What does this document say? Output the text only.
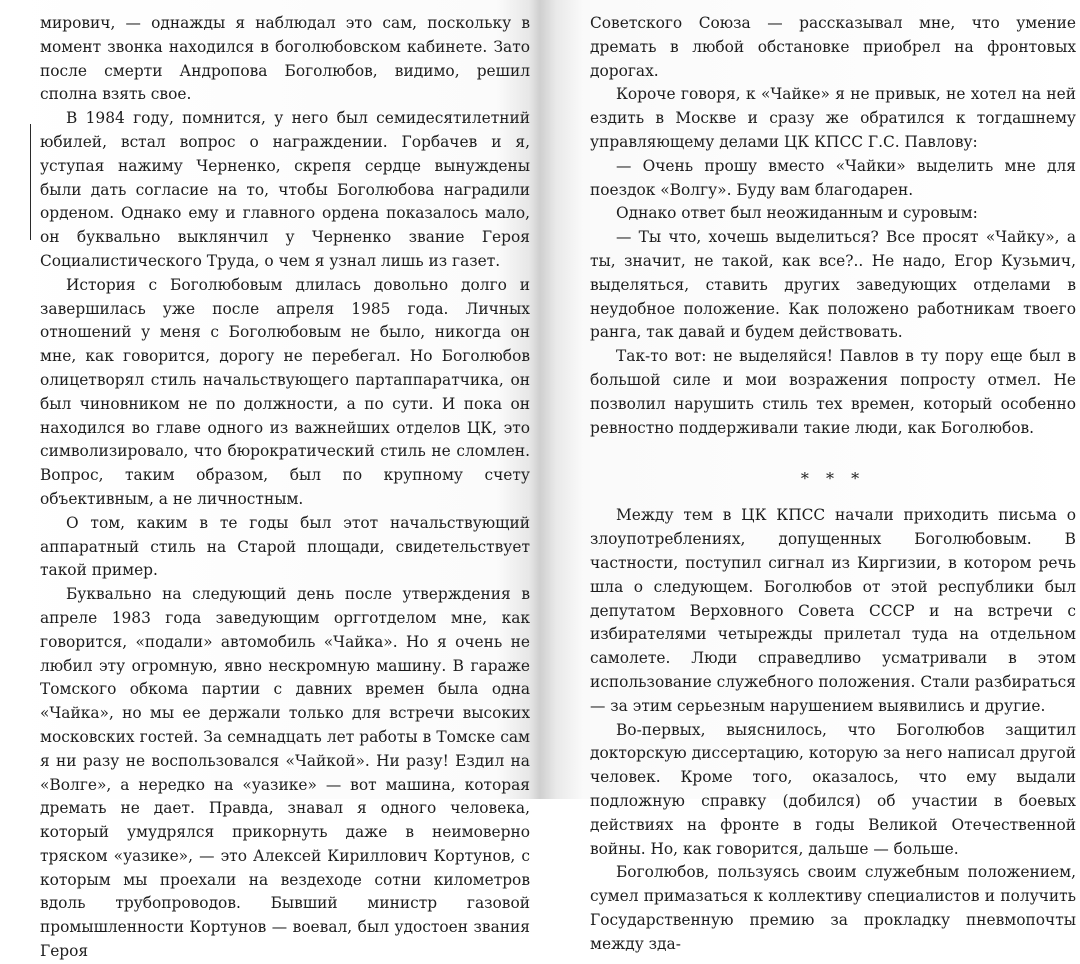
мирович, — однажды я наблюдал это сам, поскольку в момент звонка находился в боголюбовском кабинете. Зато после смерти Андропова Боголюбов, видимо, решил сполна взять свое.

В 1984 году, помнится, у него был семидесятилетний юбилей, встал вопрос о награждении. Горбачев и я, уступая нажиму Черненко, скрепя сердце вынуждены были дать согласие на то, чтобы Боголюбова наградили орденом. Однако ему и главного ордена показалось мало, он буквально выклянчил у Черненко звание Героя Социалистического Труда, о чем я узнал лишь из газет.

История с Боголюбовым длилась довольно долго и завершилась уже после апреля 1985 года. Личных отношений у меня с Боголюбовым не было, никогда он мне, как говорится, дорогу не перебегал. Но Боголюбов олицетворял стиль начальствующего партаппаратчика, он был чиновником не по должности, а по сути. И пока он находился во главе одного из важнейших отделов ЦК, это символизировало, что бюрократический стиль не сломлен. Вопрос, таким образом, был по крупному счету объективным, а не личностным.

О том, каким в те годы был этот начальствующий аппаратный стиль на Старой площади, свидетельствует такой пример.

Буквально на следующий день после утверждения в апреле 1983 года заведующим оргготделом мне, как говорится, «подали» автомобиль «Чайка». Но я очень не любил эту огромную, явно нескромную машину. В гараже Томского обкома партии с давних времен была одна «Чайка», но мы ее держали только для встречи высоких московских гостей. За семнадцать лет работы в Томске сам я ни разу не воспользовался «Чайкой». Ни разу! Ездил на «Волге», а нередко на «уазике» — вот машина, которая дремать не дает. Правда, знавал я одного человека, который умудрялся прикорнуть даже в неимоверно тряском «уазике», — это Алексей Кириллович Кортунов, с которым мы проехали на вездеходе сотни километров вдоль трубопроводов. Бывший министр газовой промышленности Кортунов — воевал, был удостоен звания Героя

Советского Союза — рассказывал мне, что умение дремать в любой обстановке приобрел на фронтовых дорогах.

Короче говоря, к «Чайке» я не привык, не хотел на ней ездить в Москве и сразу же обратился к тогдашнему управляющему делами ЦК КПСС Г.С. Павлову:

— Очень прошу вместо «Чайки» выделить мне для поездок «Волгу». Буду вам благодарен.

Однако ответ был неожиданным и суровым:

— Ты что, хочешь выделиться? Все просят «Чайку», а ты, значит, не такой, как все?.. Не надо, Егор Кузьмич, выделяться, ставить других заведующих отделами в неудобное положение. Как положено работникам твоего ранга, так давай и будем действовать.

Так-то вот: не выделяйся! Павлов в ту пору еще был в большой силе и мои возражения попросту отмел. Не позволил нарушить стиль тех времен, который особенно ревностно поддерживали такие люди, как Боголюбов.

* * *

Между тем в ЦК КПСС начали приходить письма о злоупотреблениях, допущенных Боголюбовым. В частности, поступил сигнал из Киргизии, в котором речь шла о следующем. Боголюбов от этой республики был депутатом Верховного Совета СССР и на встречи с избирателями четырежды прилетал туда на отдельном самолете. Люди справедливо усматривали в этом использование служебного положения. Стали разбираться — за этим серьезным нарушением выявились и другие.

Во-первых, выяснилось, что Боголюбов защитил докторскую диссертацию, которую за него написал другой человек. Кроме того, оказалось, что ему выдали подложную справку (добился) об участии в боевых действиях на фронте в годы Великой Отечественной войны. Но, как говорится, дальше — больше.

Боголюбов, пользуясь своим служебным положением, сумел примазаться к коллективу специалистов и получить Государственную премию за прокладку пневмопочты между зда-
